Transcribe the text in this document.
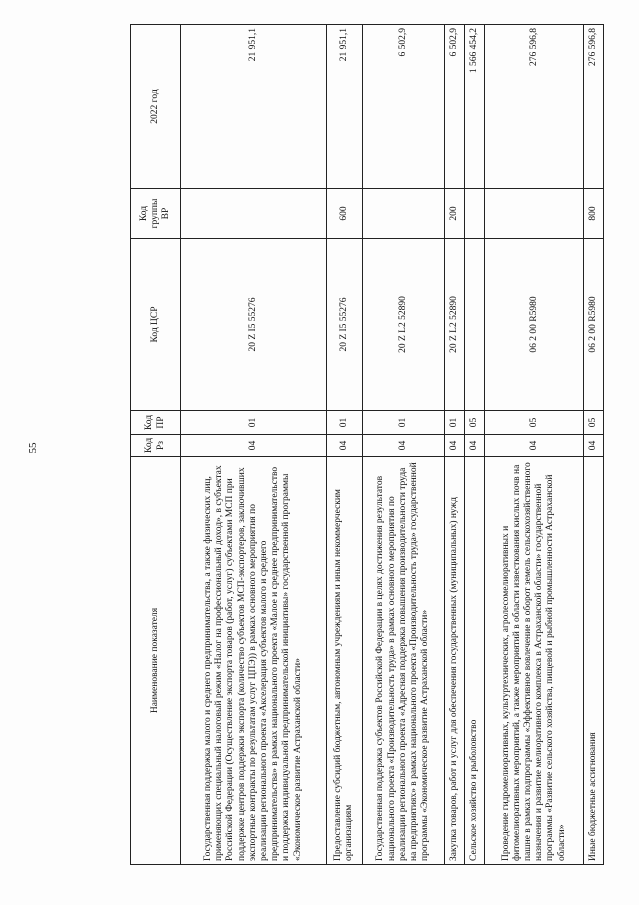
55
Наименование показателя	Код Рз	Код ПР	Код ЦСР	Код группы ВР	2022 год
Государственная поддержка малого и среднего предпринимательства, а также физических лиц, применяющих специальный налоговый режим «Налог на профессиональный доход», в субъектах Российской Федерации (Осуществление экспорта товаров (работ, услуг) субъектами МСП при поддержке центров поддержки экспорта (количество субъектов МСП-экспортеров, заключивших экспортные контракты по результатам услуг ЦПЭ)) в рамках основного мероприятия по реализации регионального проекта «Акселерация субъектов малого и среднего предпринимательства» в рамках национального проекта «Малое и среднее предпринимательство и поддержка индивидуальной предпринимательской инициативы» государственной программы «Экономическое развитие Астраханской области»	04	01	20 Z I5 55276		21 951,1
Предоставление субсидий бюджетным, автономным учреждениям и иным некоммерческим организациям	04	01	20 Z I5 55276	600	21 951,1
Государственная поддержка субъектов Российской Федерации в целях достижения результатов национального проекта «Производительность труда» в рамках основного мероприятия по реализации регионального проекта «Адресная поддержка повышения производительности труда на предприятиях» в рамках национального проекта «Производительность труда» государственной программы «Экономическое развитие Астраханской области»	04	01	20 Z L2 52890		6 502,9
Закупка товаров, работ и услуг для обеспечения государственных (муниципальных) нужд	04	01	20 Z L2 52890	200	6 502,9
Сельское хозяйство и рыболовство	04	05			1 566 454,2
Проведение гидромелиоративных, культуртехнических, агролесомелиоративных и фитомелиоративных мероприятий, а также мероприятий в области известкования кислых почв на пашне в рамках подпрограммы «Эффективное вовлечение в оборот земель сельскохозяйственного назначения и развитие мелиоративного комплекса в Астраханской области» государственной программы «Развитие сельского хозяйства, пищевой и рыбной промышленности Астраханской области»	04	05	06 2 00 R5980		276 596,8
Иные бюджетные ассигнования	04	05	06 2 00 R5980	800	276 596,8
